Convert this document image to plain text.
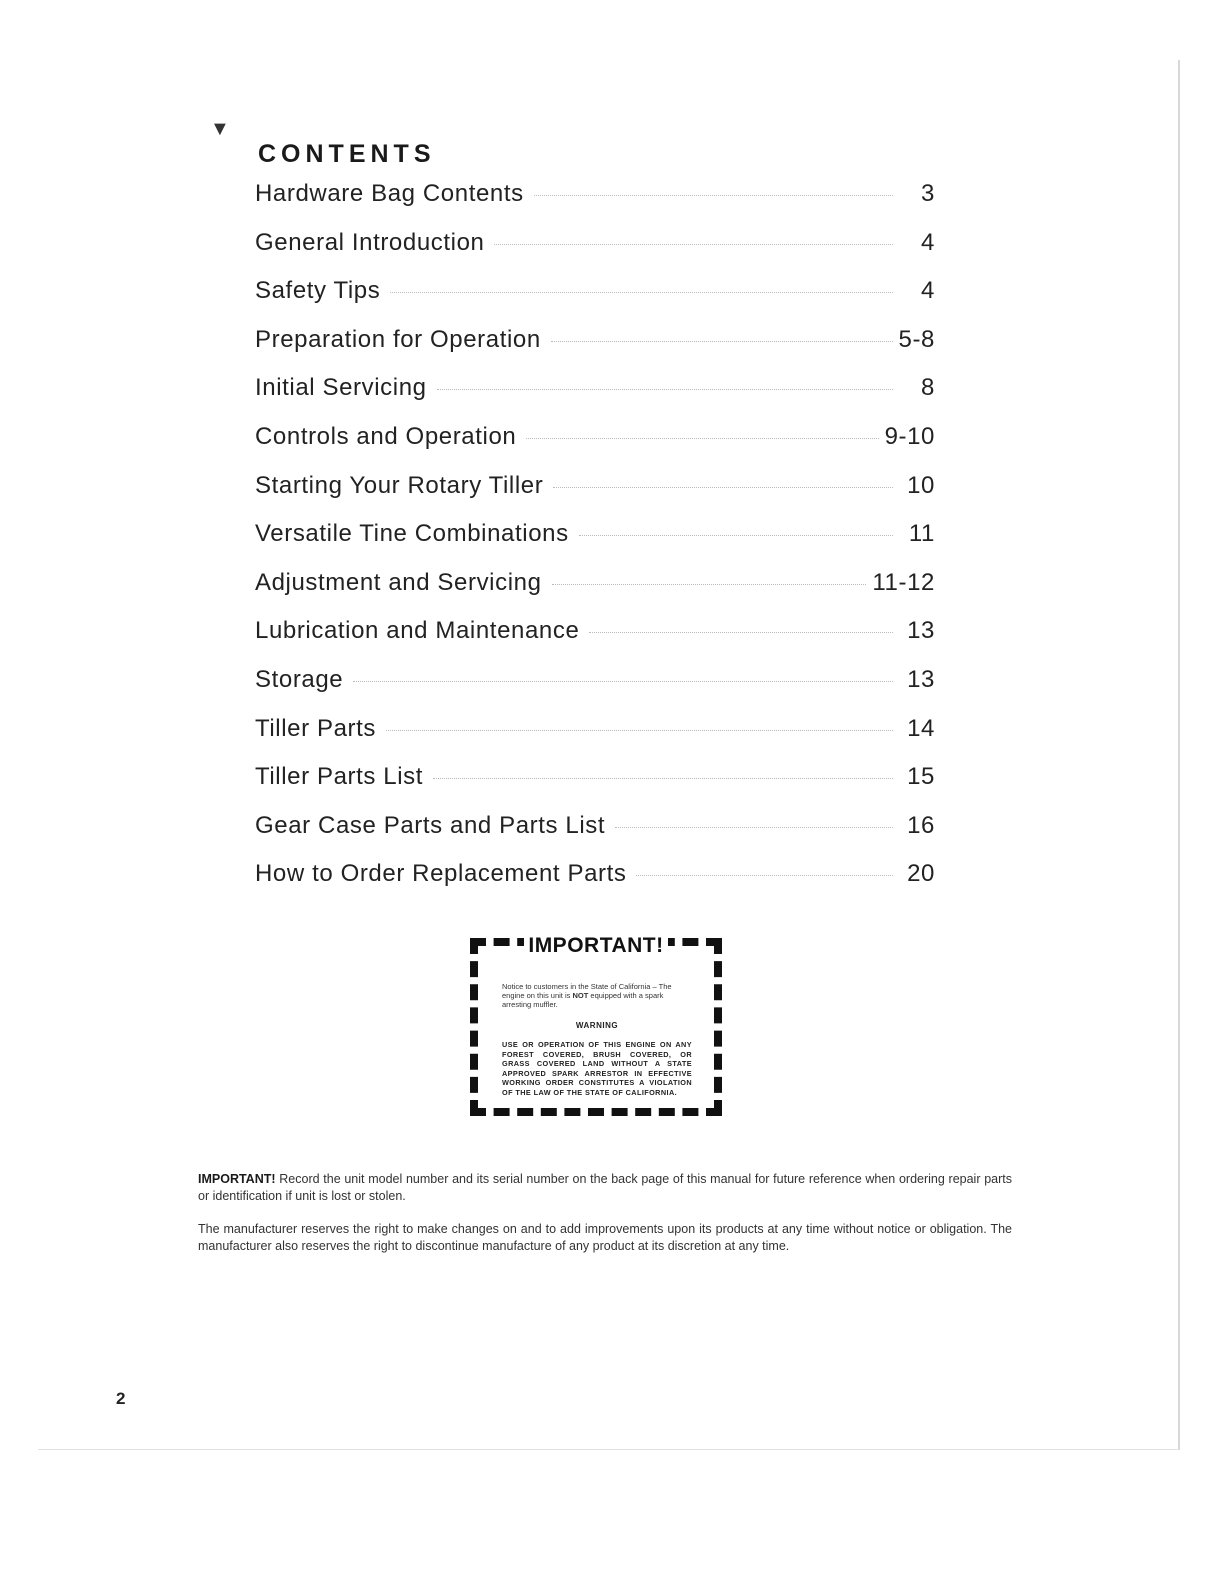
▼
CONTENTS
Hardware Bag Contents	3
General Introduction	4
Safety Tips	4
Preparation for Operation	5-8
Initial Servicing	8
Controls and Operation	9-10
Starting Your Rotary Tiller	10
Versatile Tine Combinations	11
Adjustment and Servicing	11-12
Lubrication and Maintenance	13
Storage	13
Tiller Parts	14
Tiller Parts List	15
Gear Case Parts and Parts List	16
How to Order Replacement Parts	20
IMPORTANT!

Notice to customers in the State of California – The engine on this unit is NOT equipped with a spark arresting muffler.

WARNING

USE OR OPERATION OF THIS ENGINE ON ANY FOREST COVERED, BRUSH COVERED, OR GRASS COVERED LAND WITHOUT A STATE APPROVED SPARK ARRESTOR IN EFFECTIVE WORKING ORDER CONSTITUTES A VIOLATION OF THE LAW OF THE STATE OF CALIFORNIA.

IMPORTANT! Record the unit model number and its serial number on the back page of this manual for future reference when ordering repair parts or identification if unit is lost or stolen.

The manufacturer reserves the right to make changes on and to add improvements upon its products at any time without notice or obligation. The manufacturer also reserves the right to discontinue manufacture of any product at its discretion at any time.

2
